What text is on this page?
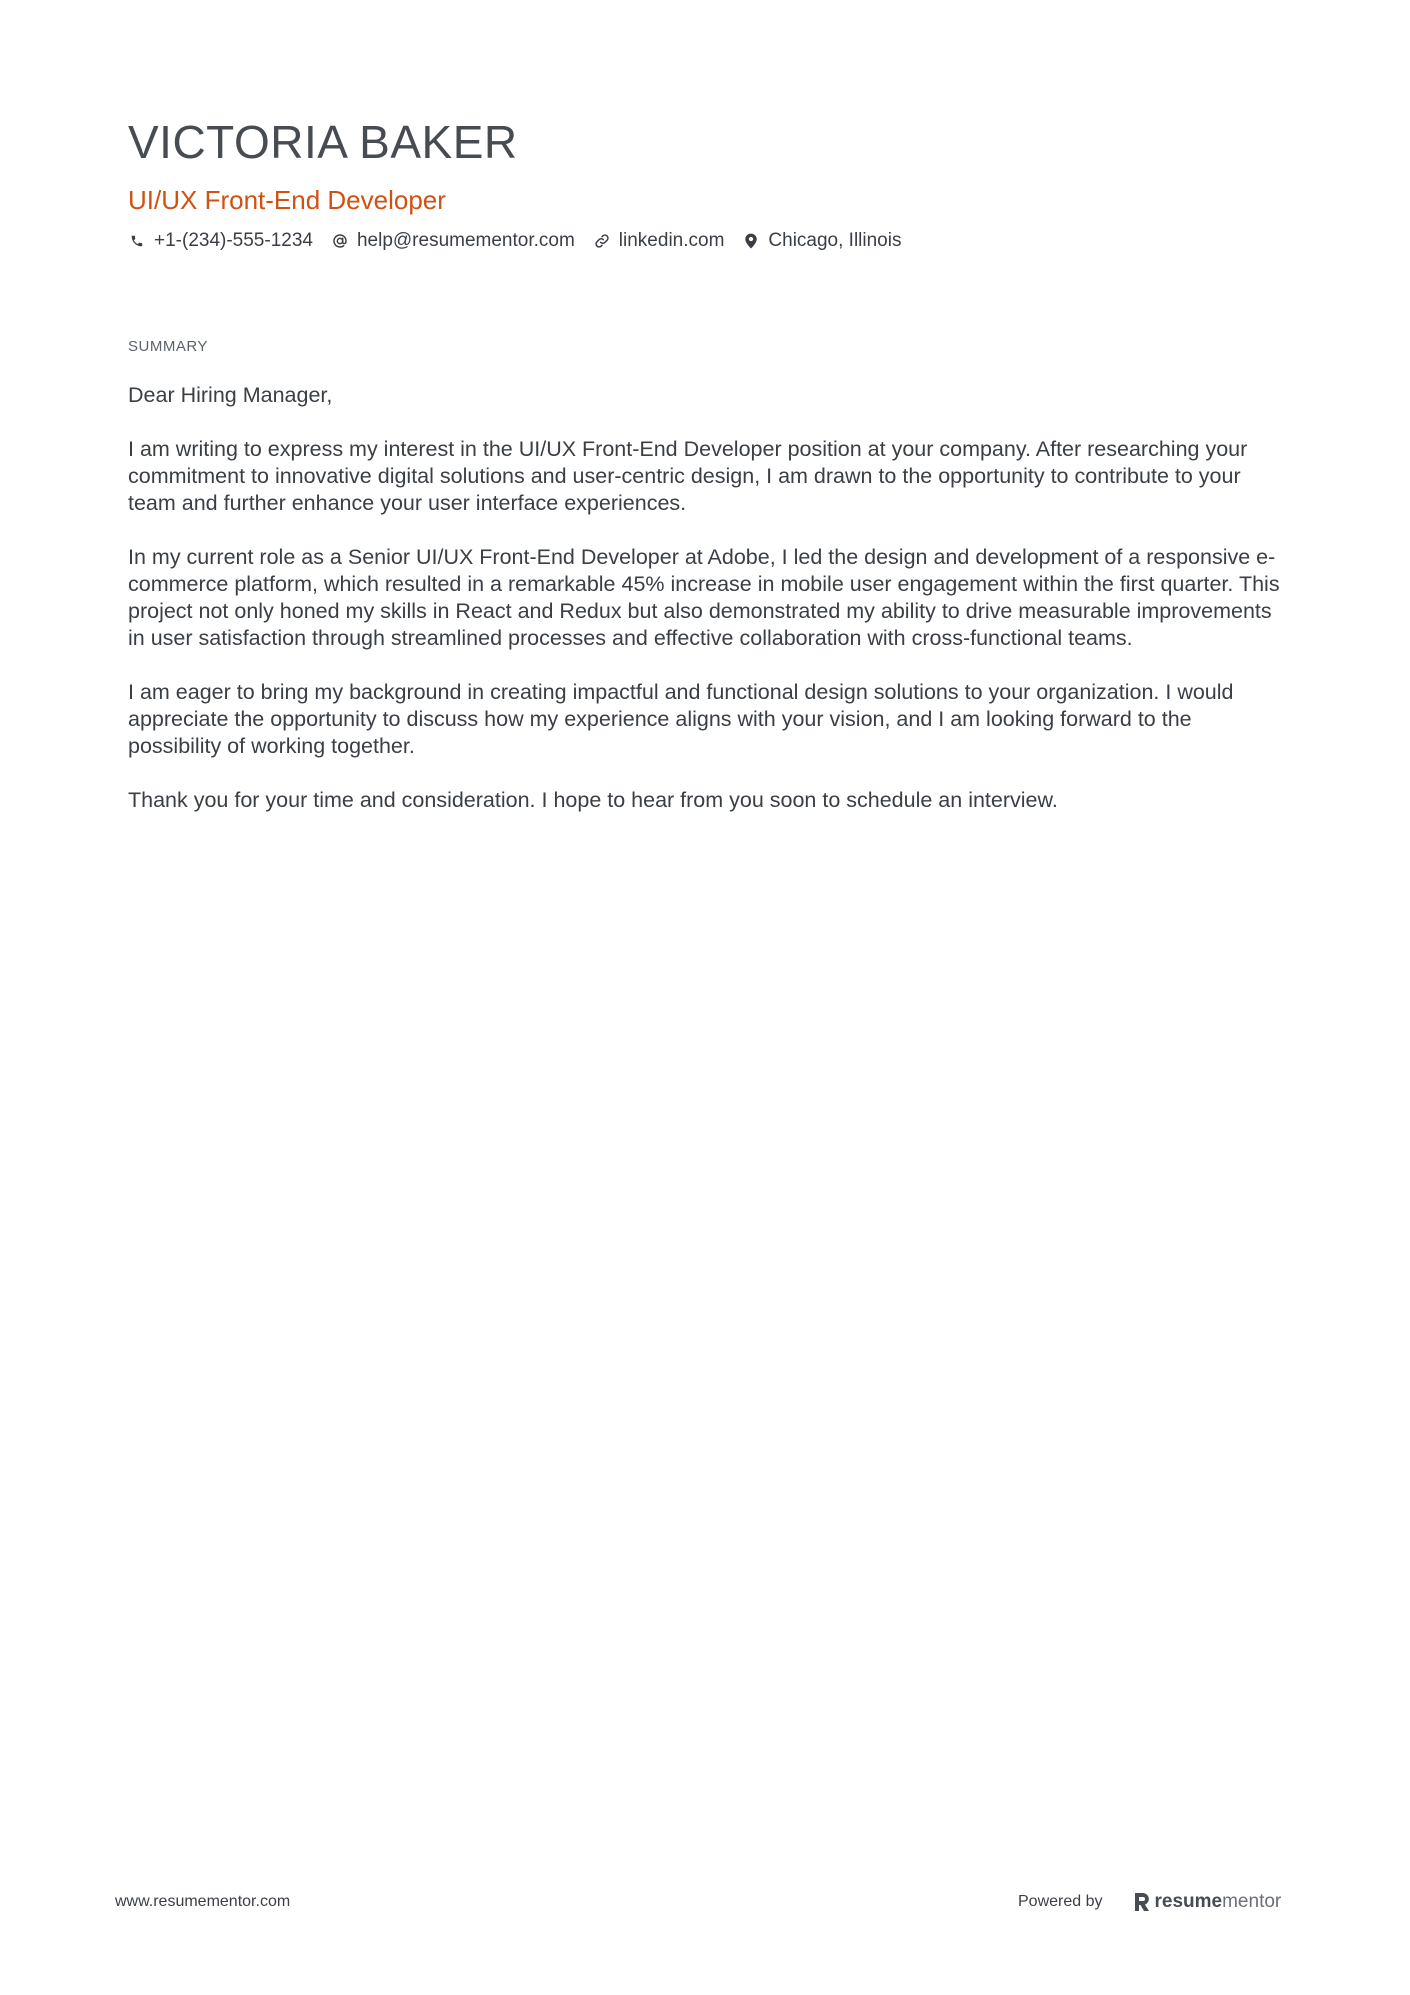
VICTORIA BAKER
UI/UX Front-End Developer
+1-(234)-555-1234 help@resumementor.com linkedin.com Chicago, Illinois
SUMMARY

Dear Hiring Manager,

I am writing to express my interest in the UI/UX Front-End Developer position at your company. After researching your commitment to innovative digital solutions and user-centric design, I am drawn to the opportunity to contribute to your team and further enhance your user interface experiences.

In my current role as a Senior UI/UX Front-End Developer at Adobe, I led the design and development of a responsive e-commerce platform, which resulted in a remarkable 45% increase in mobile user engagement within the first quarter. This project not only honed my skills in React and Redux but also demonstrated my ability to drive measurable improvements in user satisfaction through streamlined processes and effective collaboration with cross-functional teams.

I am eager to bring my background in creating impactful and functional design solutions to your organization. I would appreciate the opportunity to discuss how my experience aligns with your vision, and I am looking forward to the possibility of working together.

Thank you for your time and consideration. I hope to hear from you soon to schedule an interview.

www.resumementor.com	Powered by	resume mentor
